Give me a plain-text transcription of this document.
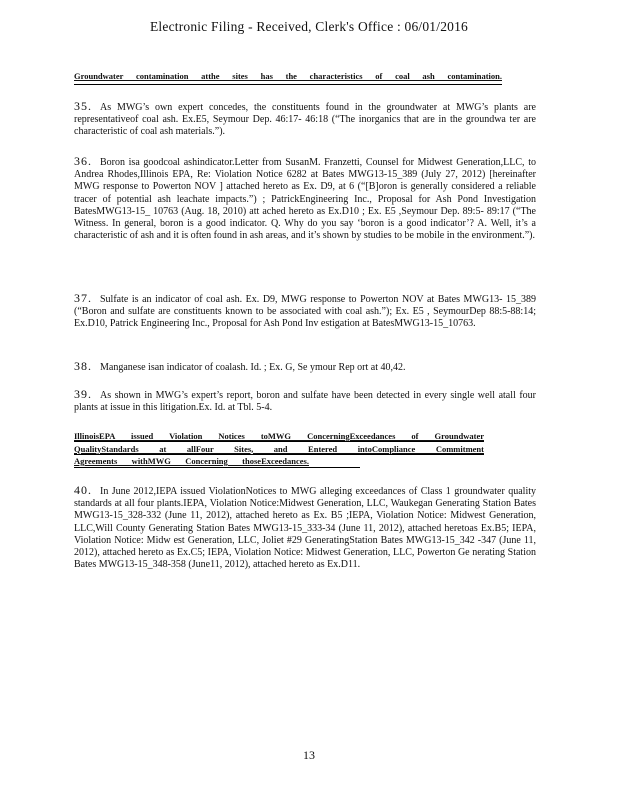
Electronic Filing - Received, Clerk's Office : 06/01/2016
Groundwater contamination atthe sites has the characteristics of coal ash contamination.

35. As MWG’s own expert concedes, the constituents found in the groundwater at MWG’s plants are representativeof coal ash. Ex.E5, Seymour Dep. 46:17- 46:18 (“The inorganics that are in the groundwa ter are characteristic of coal ash materials.”).

36. Boron isa goodcoal ashindicator.Letter from SusanM. Franzetti, Counsel for Midwest Generation,LLC, to Andrea Rhodes,Illinois EPA, Re: Violation Notice 6282 at Bates MWG13-15_389 (July 27, 2012) [hereinafter MWG response to Powerton NOV ] attached hereto as Ex. D9, at 6 (“[B]oron is generally considered a reliable tracer of potential ash leachate impacts.”) ; PatrickEngineering Inc., Proposal for Ash Pond Investigation BatesMWG13-15_ 10763 (Aug. 18, 2010) att ached hereto as Ex.D10 ; Ex. E5 ,Seymour Dep. 89:5- 89:17 (“The Witness. In general, boron is a good indicator. Q. Why do you say ‘boron is a good indicator’? A. Well, it’s a characteristic of ash and it is often found in ash areas, and it’s shown by studies to be mobile in the environment.”).

37. Sulfate is an indicator of coal ash. Ex. D9, MWG response to Powerton NOV at Bates MWG13- 15_389 (“Boron and sulfate are constituents known to be associated with coal ash.”); Ex. E5 , SeymourDep 88:5-88:14; Ex.D10, Patrick Engineering Inc., Proposal for Ash Pond Inv estigation at BatesMWG13-15_10763.

38. Manganese isan indicator of coalash. Id. ; Ex. G, Se ymour Rep ort at 40,42.

39. As shown in MWG’s expert’s report, boron and sulfate have been detected in every single well atall four plants at issue in this litigation.Ex. Id. at Tbl. 5-4.

IllinoisEPA issued Violation Notices toMWG ConcerningExceedances of Groundwater
QualityStandards at allFour Sites, and Entered intoCompliance Commitment
Agreements withMWG Concerning thoseExceedances.

40. In June 2012,IEPA issued ViolationNotices to MWG alleging exceedances of Class 1 groundwater quality standards at all four plants.IEPA, Violation Notice:Midwest Generation, LLC, Waukegan Generating Station Bates MWG13-15_328-332 (June 11, 2012), attached hereto as Ex. B5 ;IEPA, Violation Notice: Midwest Generation, LLC,Will County Generating Station Bates MWG13-15_333-34 (June 11, 2012), attached heretoas Ex.B5; IEPA, Violation Notice: Midw est Generation, LLC, Joliet #29 GeneratingStation Bates MWG13-15_342 -347 (June 11, 2012), attached hereto as Ex.C5; IEPA, Violation Notice: Midwest Generation, LLC, Powerton Ge nerating Station Bates MWG13-15_348-358 (June11, 2012), attached hereto as Ex.D11.

13
